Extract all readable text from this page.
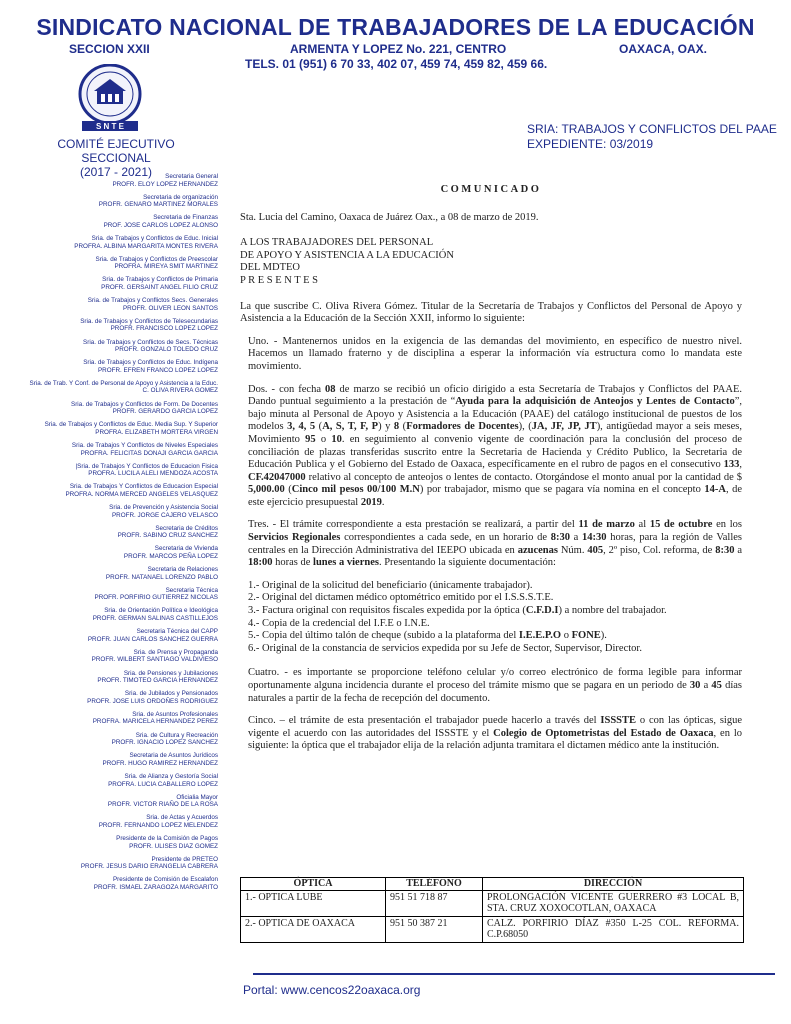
SINDICATO NACIONAL DE TRABAJADORES DE LA EDUCACIÓN
SECCION XXII	ARMENTA Y LOPEZ No. 221, CENTRO	OAXACA, OAX.
TELS. 01 (951) 6 70 33, 402 07, 459 74, 459 82, 459 66.
S N T E
COMITÉ EJECUTIVO SECCIONAL
(2017 - 2021)
SRIA: TRABAJOS Y CONFLICTOS DEL PAAE
EXPEDIENTE: 03/2019
Secretaria General
PROFR. ELOY LOPEZ HERNANDEZ
Secretaria de organización
PROFR. GENARO MARTINEZ MORALES
Secretaria de Finanzas
PROF. JOSE CARLOS LOPEZ ALONSO
Sria. de Trabajos y Conflictos de Educ. Inicial
PROFRA. ALBINA MARGARITA MONTES RIVERA
Sria. de Trabajos y Conflictos de Preescolar
PROFRA. MIREYA SMIT MARTINEZ
Sria. de Trabajos y Conflictos de Primaria
PROFR. GERSAINT ANGEL FILIO CRUZ
Sria. de Trabajos y Conflictos Secs. Generales
PROFR. OLIVER LEON SANTOS
Sria. de Trabajos y Conflictos de Telesecundarias
PROFR. FRANCISCO LOPEZ LOPEZ
Sria. de Trabajos y Conflictos de Secs. Técnicas
PROFR. GONZALO TOLEDO CRUZ
Sria. de Trabajos y Conflictos de Educ. Indígena
PROFR. EFREN FRANCO LOPEZ LOPEZ
Sria. de Trab. Y Conf. de Personal de Apoyo y Asistencia a la Educ.
C. OLIVA RIVERA GOMEZ
Sria. de Trabajos y Conflictos de Form. De Docentes
PROFR. GERARDO GARCIA LOPEZ
Sria. de Trabajos y Conflictos de Educ. Media Sup. Y Superior
PROFRA. ELIZABETH MORTERA VIRGEN
Sria. de Trabajos Y Conflictos de Niveles Especiales
PROFRA. FELICITAS DONAJI GARCIA GARCIA
|Sria. de Trabajos Y Conflictos de Educacion Fisica
PROFRA. LUCILA ALELI MENDOZA ACOSTA
Sria. de Trabajos Y Conflictos de Educacion Especial
PROFRA. NORMA MERCED ANGELES VELASQUEZ
Sria. de Prevención y Asistencia Social
PROFR. JORGE CAJERO VELASCO
Secretaria de Créditos
PROFR. SABINO CRUZ SANCHEZ
Secretaria de Vivienda
PROFR. MARCOS PEÑA LOPEZ
Secretaria de Relaciones
PROFR. NATANAEL LORENZO PABLO
Secretaria Técnica
PROFR. PORFIRIO GUTIERREZ NICOLAS
Sria. de Orientación Política e Ideológica
PROFR. GERMAN SALINAS CASTILLEJOS
Secretaria Técnica del CAPP
PROFR. JUAN CARLOS SANCHEZ GUERRA
Sria. de Prensa y Propaganda
PROFR. WILBERT SANTIAGO VALDIVIESO
Sria. de Pensiones y Jubilaciones
PROFR. TIMOTEO GARCIA HERNANDEZ
Sria. de Jubilados y Pensionados
PROFR. JOSE LUIS ORDOÑES RODRIGUEZ
Sria. de Asuntos Profesionales
PROFRA. MARICELA HERNANDEZ PEREZ
Sria. de Cultura y Recreación
PROFR. IGNACIO LOPEZ SANCHEZ
Secretaria de Asuntos Jurídicos
PROFR. HUGO RAMIREZ HERNANDEZ
Sria. de Alianza y Gestoría Social
PROFRA. LUCIA CABALLERO LOPEZ
Oficialia Mayor
PROFR. VICTOR RIAÑO DE LA ROSA
Sria. de Actas y Acuerdos
PROFR. FERNANDO LOPEZ MELENDEZ
Presidente de la Comisión de Pagos
PROFR. ULISES DIAZ GOMEZ
Presidente de PRETEO
PROFR. JESUS DARIO ERANGELIA CABRERA
Presidente de Comisión de Escalafon
PROFR. ISMAEL ZARAGOZA MARGARITO
COMUNICADO
Sta. Lucia del Camino, Oaxaca de Juárez Oax., a 08 de marzo de 2019.
A LOS TRABAJADORES DEL PERSONAL
DE APOYO Y ASISTENCIA A LA EDUCACIÓN
DEL MDTEO
P R E S E N T E S
La que suscribe C. Oliva Rivera Gómez. Titular de la Secretaría de Trabajos y Conflictos del Personal de Apoyo y Asistencia a la Educación de la Sección XXII, informo lo siguiente:
Uno. - Mantenernos unidos en la exigencia de las demandas del movimiento, en específico de nuestro nivel. Hacemos un llamado fraterno y de disciplina a esperar la información vía estructura como lo mandata este movimiento.
Dos. - con fecha 08 de marzo se recibió un oficio dirigido a esta Secretaría de Trabajos y Conflictos del PAAE. Dando puntual seguimiento a la prestación de “Ayuda para la adquisición de Anteojos y Lentes de Contacto”, bajo minuta al Personal de Apoyo y Asistencia a la Educación (PAAE) del catálogo institucional de puestos de los modelos 3, 4, 5 (A, S, T, F, P) y 8 (Formadores de Docentes), (JA, JF, JP, JT), antigüedad mayor a seis meses, Movimiento 95 o 10. en seguimiento al convenio vigente de coordinación para la conclusión del proceso de conciliación de plazas transferidas suscrito entre la Secretaria de Hacienda y Crédito Publico, la Secretaria de Educación Publica y el Gobierno del Estado de Oaxaca, específicamente en el rubro de pagos en el consecutivo 133, CF.42047000 relativo al concepto de anteojos o lentes de contacto. Otorgándose el monto anual por la cantidad de $ 5,000.00 (Cinco mil pesos 00/100 M.N) por trabajador, mismo que se pagara vía nomina en el concepto 14-A, de este ejercicio presupuestal 2019.
Tres. - El trámite correspondiente a esta prestación se realizará, a partir del 11 de marzo al 15 de octubre en los Servicios Regionales correspondientes a cada sede, en un horario de 8:30 a 14:30 horas, para la región de Valles centrales en la Dirección Administrativa del IEEPO ubicada en azucenas Núm. 405, 2º piso, Col. reforma, de 8:30 a 18:00 horas de lunes a viernes. Presentando la siguiente documentación:
1.- Original de la solicitud del beneficiario (únicamente trabajador).
2.- Original del dictamen médico optométrico emitido por el I.S.S.S.T.E.
3.- Factura original con requisitos fiscales expedida por la óptica (C.F.D.I) a nombre del trabajador.
4.- Copia de la credencial del I.F.E o I.N.E.
5.- Copia del último talón de cheque (subido a la plataforma del I.E.E.P.O o FONE).
6.- Original de la constancia de servicios expedida por su Jefe de Sector, Supervisor, Director.
Cuatro. - es importante se proporcione teléfono celular y/o correo electrónico de forma legible para informar oportunamente alguna incidencia durante el proceso del trámite mismo que se pagara en un periodo de 30 a 45 días naturales a partir de la fecha de recepción del documento.
Cinco. – el trámite de esta presentación el trabajador puede hacerlo a través del ISSSTE o con las ópticas, sigue vigente el acuerdo con las autoridades del ISSSTE y el Colegio de Optometristas del Estado de Oaxaca, en lo siguiente: la óptica que el trabajador elija de la relación adjunta tramitara el dictamen médico ante la institución.
ÓPTICA	TELÉFONO	DIRECCIÓN
1.- OPTICA LUBE	951 51 718 87	PROLONGACIÓN VICENTE GUERRERO #3 LOCAL B, STA. CRUZ XOXOCOTLAN, OAXACA
2.- OPTICA DE OAXACA	951 50 387 21	CALZ. PORFIRIO DÍAZ #350 L-25 COL. REFORMA. C.P.68050
Portal: www.cencos22oaxaca.org
